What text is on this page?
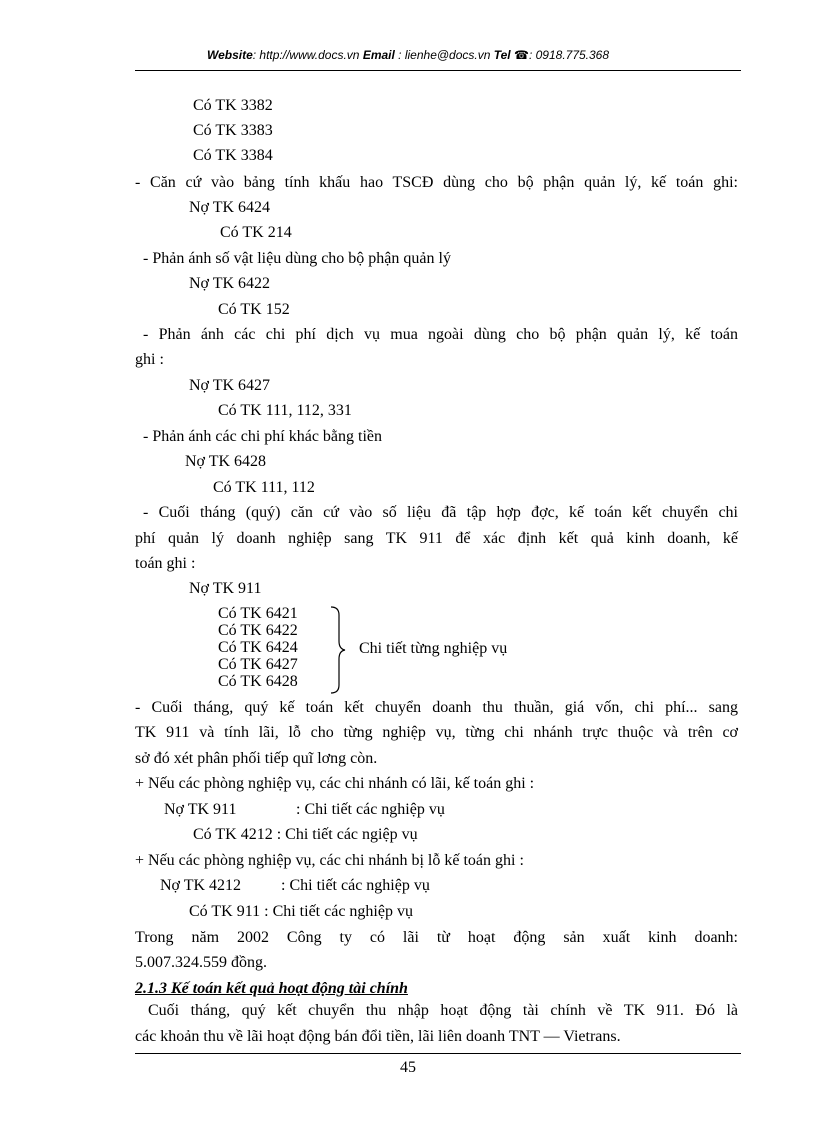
Website: http://www.docs.vn Email : lienhe@docs.vn Tel ☎: 0918.775.368
Có TK 3382
Có TK 3383
Có TK 3384
- Căn cứ vào bảng tính khấu hao TSCĐ dùng cho bộ phận quản lý, kế toán ghi:
Nợ TK 6424
Có TK 214
- Phản ánh số vật liệu dùng cho bộ phận quản lý
Nợ TK 6422
Có TK 152
- Phản ánh các chi phí dịch vụ mua ngoài dùng cho bộ phận quản lý, kế toán
ghi :
Nợ TK 6427
Có TK 111, 112, 331
- Phản ánh các chi phí khác bằng tiền
Nợ TK 6428
Có TK 111, 112
- Cuối tháng (quý) căn cứ vào số liệu đã tập hợp đợc, kế toán kết chuyển chi
phí quản lý doanh nghiệp sang TK 911 để xác định kết quả kinh doanh, kế
toán ghi :
Nợ TK 911
Có TK 6421
Có TK 6422
Có TK 6424
Có TK 6427
Có TK 6428
Chi tiết từng nghiệp vụ
- Cuối tháng, quý kế toán kết chuyển doanh thu thuần, giá vốn, chi phí... sang
TK 911 và tính lãi, lỗ cho từng nghiệp vụ, từng chi nhánh trực thuộc và trên cơ
sở đó xét phân phối tiếp quĩ lơng còn.
+ Nếu các phòng nghiệp vụ, các chi nhánh có lãi, kế toán ghi :
Nợ TK 911	: Chi tiết các nghiệp vụ
Có TK 4212 : Chi tiết các ngiệp vụ
+ Nếu các phòng nghiệp vụ, các chi nhánh bị lỗ kế toán ghi :
Nợ TK 4212 : Chi tiết các nghiệp vụ
Có TK 911 : Chi tiết các nghiệp vụ
Trong năm 2002 Công ty có lãi từ hoạt động sản xuất kinh doanh:
5.007.324.559 đồng.
2.1.3 Kế toán kết quả hoạt động tài chính
Cuối tháng, quý kết chuyển thu nhập hoạt động tài chính về TK 911. Đó là
các khoản thu về lãi hoạt động bán đổi tiền, lãi liên doanh TNT — Vietrans.
45
